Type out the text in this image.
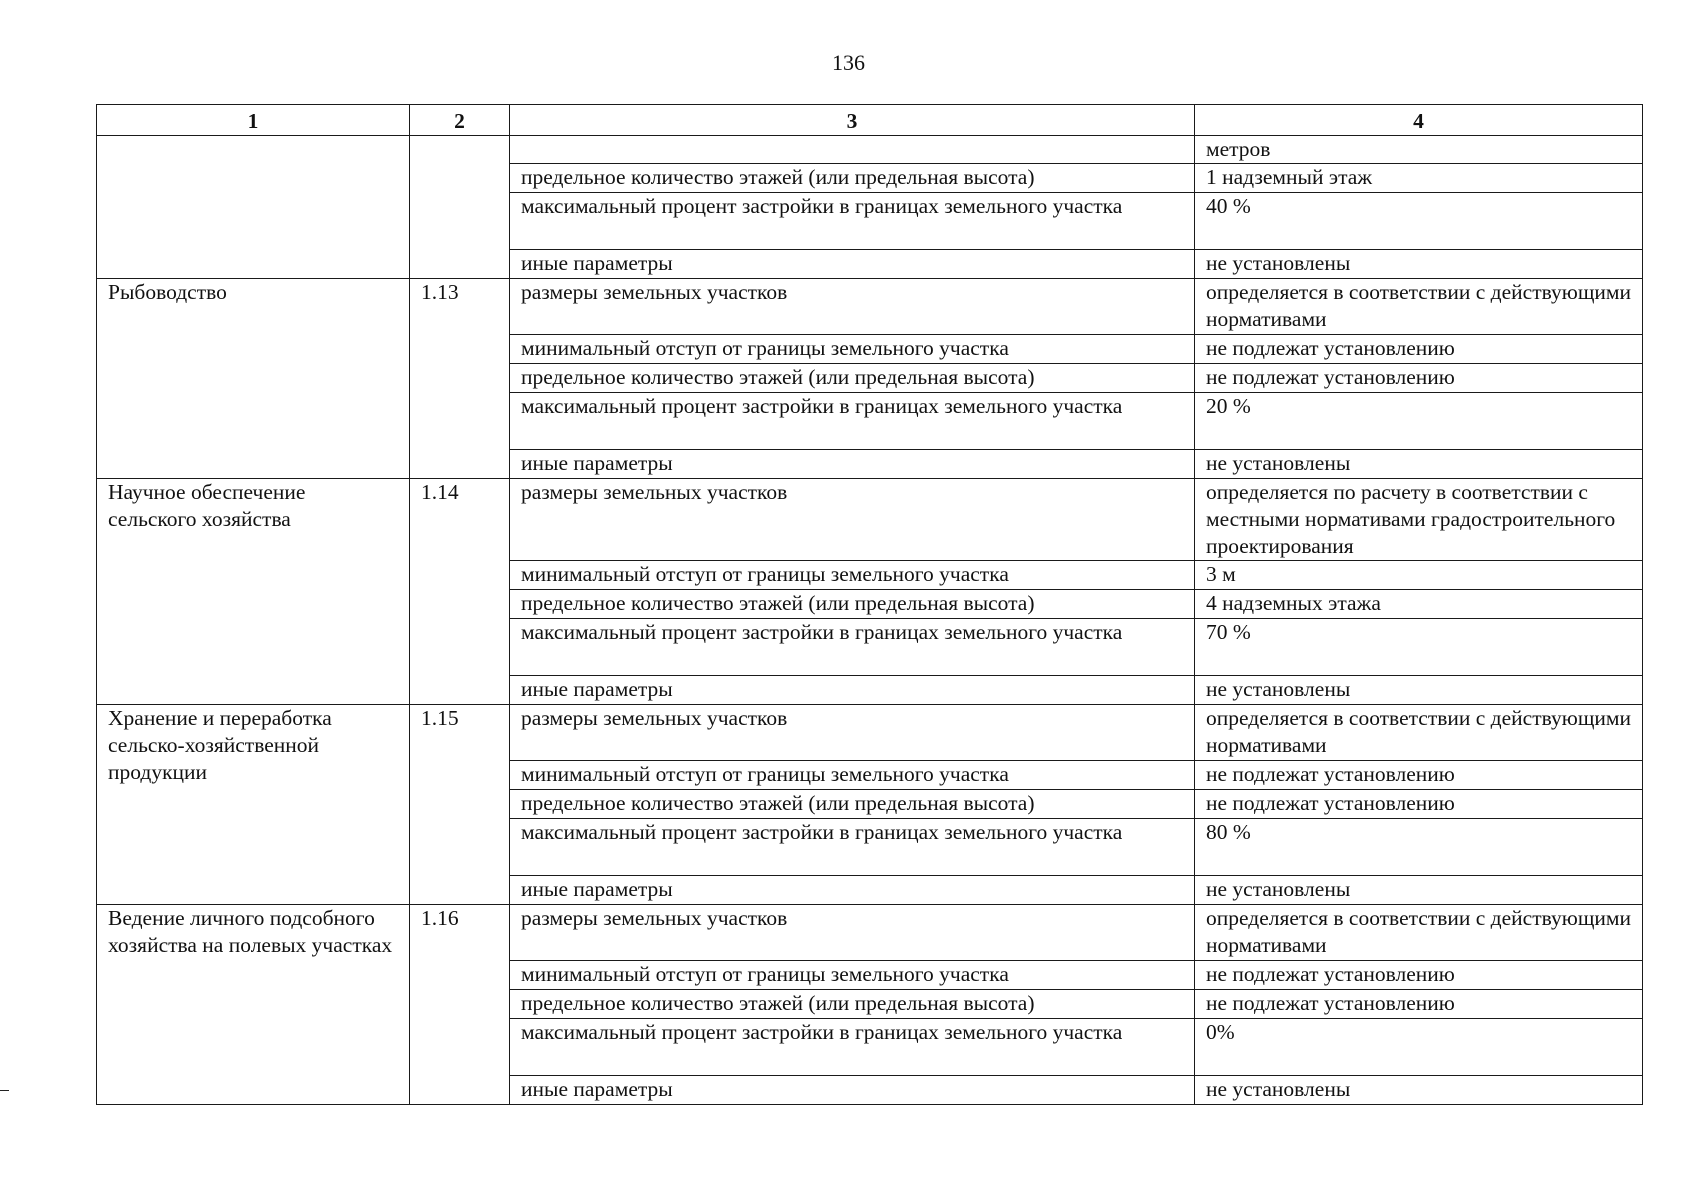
136
1	2	3	4
			метров
		предельное количество этажей (или предельная высота)	1 надземный этаж
		максимальный процент застройки в границах земельного участка	40 %
		иные параметры	не установлены
Рыбоводство	1.13	размеры земельных участков	определяется в соответствии с действующими нормативами
		минимальный отступ от границы земельного участка	не подлежат установлению
		предельное количество этажей (или предельная высота)	не подлежат установлению
		максимальный процент застройки в границах земельного участка	20 %
		иные параметры	не установлены
Научное обеспечение сельского хозяйства	1.14	размеры земельных участков	определяется по расчету в соответствии с местными нормативами градостроительного проектирования
		минимальный отступ от границы земельного участка	3 м
		предельное количество этажей (или предельная высота)	4 надземных этажа
		максимальный процент застройки в границах земельного участка	70 %
		иные параметры	не установлены
Хранение и переработка сельско-хозяйственной продукции	1.15	размеры земельных участков	определяется в соответствии с действующими нормативами
		минимальный отступ от границы земельного участка	не подлежат установлению
		предельное количество этажей (или предельная высота)	не подлежат установлению
		максимальный процент застройки в границах земельного участка	80 %
		иные параметры	не установлены
Ведение личного подсобного хозяйства на полевых участках	1.16	размеры земельных участков	определяется в соответствии с действующими нормативами
		минимальный отступ от границы земельного участка	не подлежат установлению
		предельное количество этажей (или предельная высота)	не подлежат установлению
		максимальный процент застройки в границах земельного участка	0%
		иные параметры	не установлены
